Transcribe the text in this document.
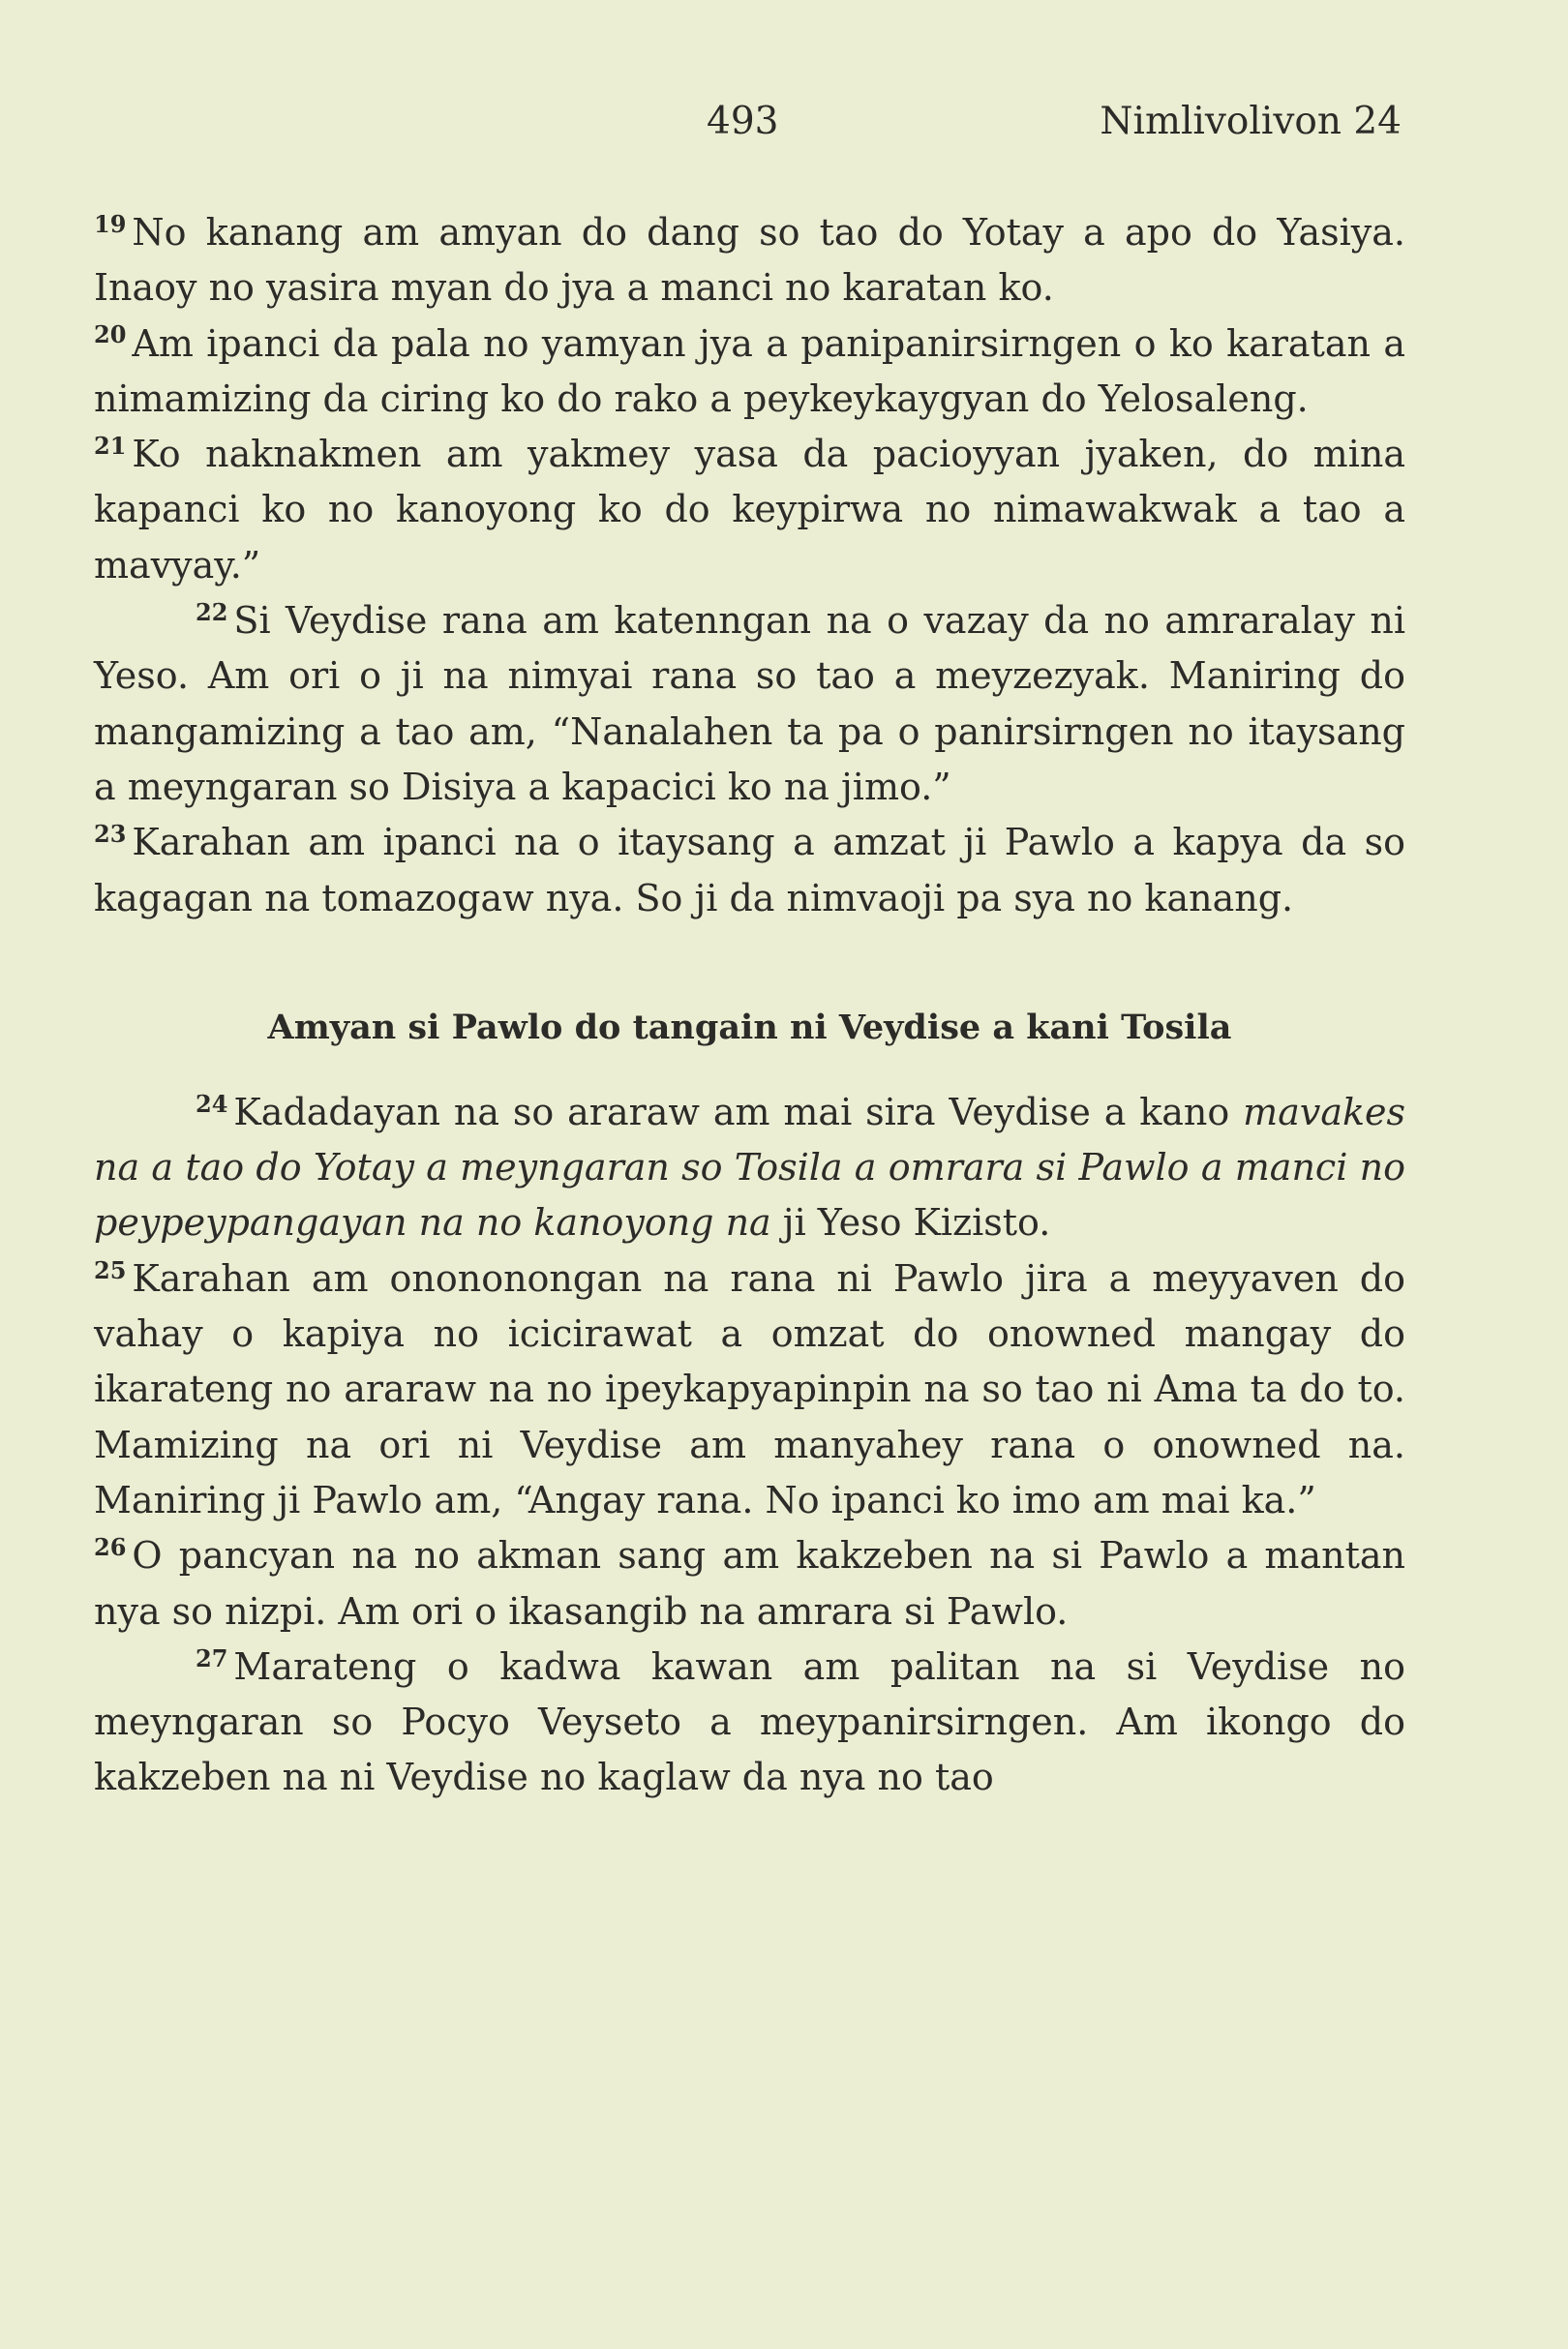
493	Nimlivolivon 24

$^{19}$ No kanang am amyan do dang so tao do Yotay a apo do Yasiya. Inaoy no yasira myan do jya a manci no karatan ko.

$^{20}$ Am ipanci da pala no yamyan jya a panipanirsirngen o ko karatan a nimamizing da ciring ko do rako a peykeykaygyan do Yelosaleng.

$^{21}$ Ko naknakmen am yakmey yasa da pacioyyan jyaken, do mina kapanci ko no kanoyong ko do keypirwa no nimawakwak a tao a mavyay.”

$^{22}$ Si Veydise rana am katenngan na o vazay da no amraralay ni Yeso. Am ori o ji na nimyai rana so tao a meyzezyak. Maniring do mangamizing a tao am, “Nanalahen ta pa o panirsirngen no itaysang a meyngaran so Disiya a kapacici ko na jimo.”

$^{23}$ Karahan am ipanci na o itaysang a amzat ji Pawlo a kapya da so kagagan na tomazogaw nya. So ji da nimvaoji pa sya no kanang.

Amyan si Pawlo do tangain ni Veydise a kani Tosila

$^{24}$ Kadadayan na so araraw am mai sira Veydise a kano mavakes na a tao do Yotay a meyngaran so Tosila a omrara si Pawlo a manci no peypeypangayan na no kanoyong na ji Yeso Kizisto.

$^{25}$ Karahan am onononongan na rana ni Pawlo jira a meyyaven do vahay o kapiya no icicirawat a omzat do onowned mangay do ikarateng no araraw na no ipeykapyapinpin na so tao ni Ama ta do to. Mamizing na ori ni Veydise am manyahey rana o onowned na. Maniring ji Pawlo am, “Angay rana. No ipanci ko imo am mai ka.”

$^{26}$ O pancyan na no akman sang am kakzeben na si Pawlo a mantan nya so nizpi. Am ori o ikasangib na amrara si Pawlo.

$^{27}$ Marateng o kadwa kawan am palitan na si Veydise no meyngaran so Pocyo Veyseto a meypanirsirngen. Am ikongo do kakzeben na ni Veydise no kaglaw da nya no tao
